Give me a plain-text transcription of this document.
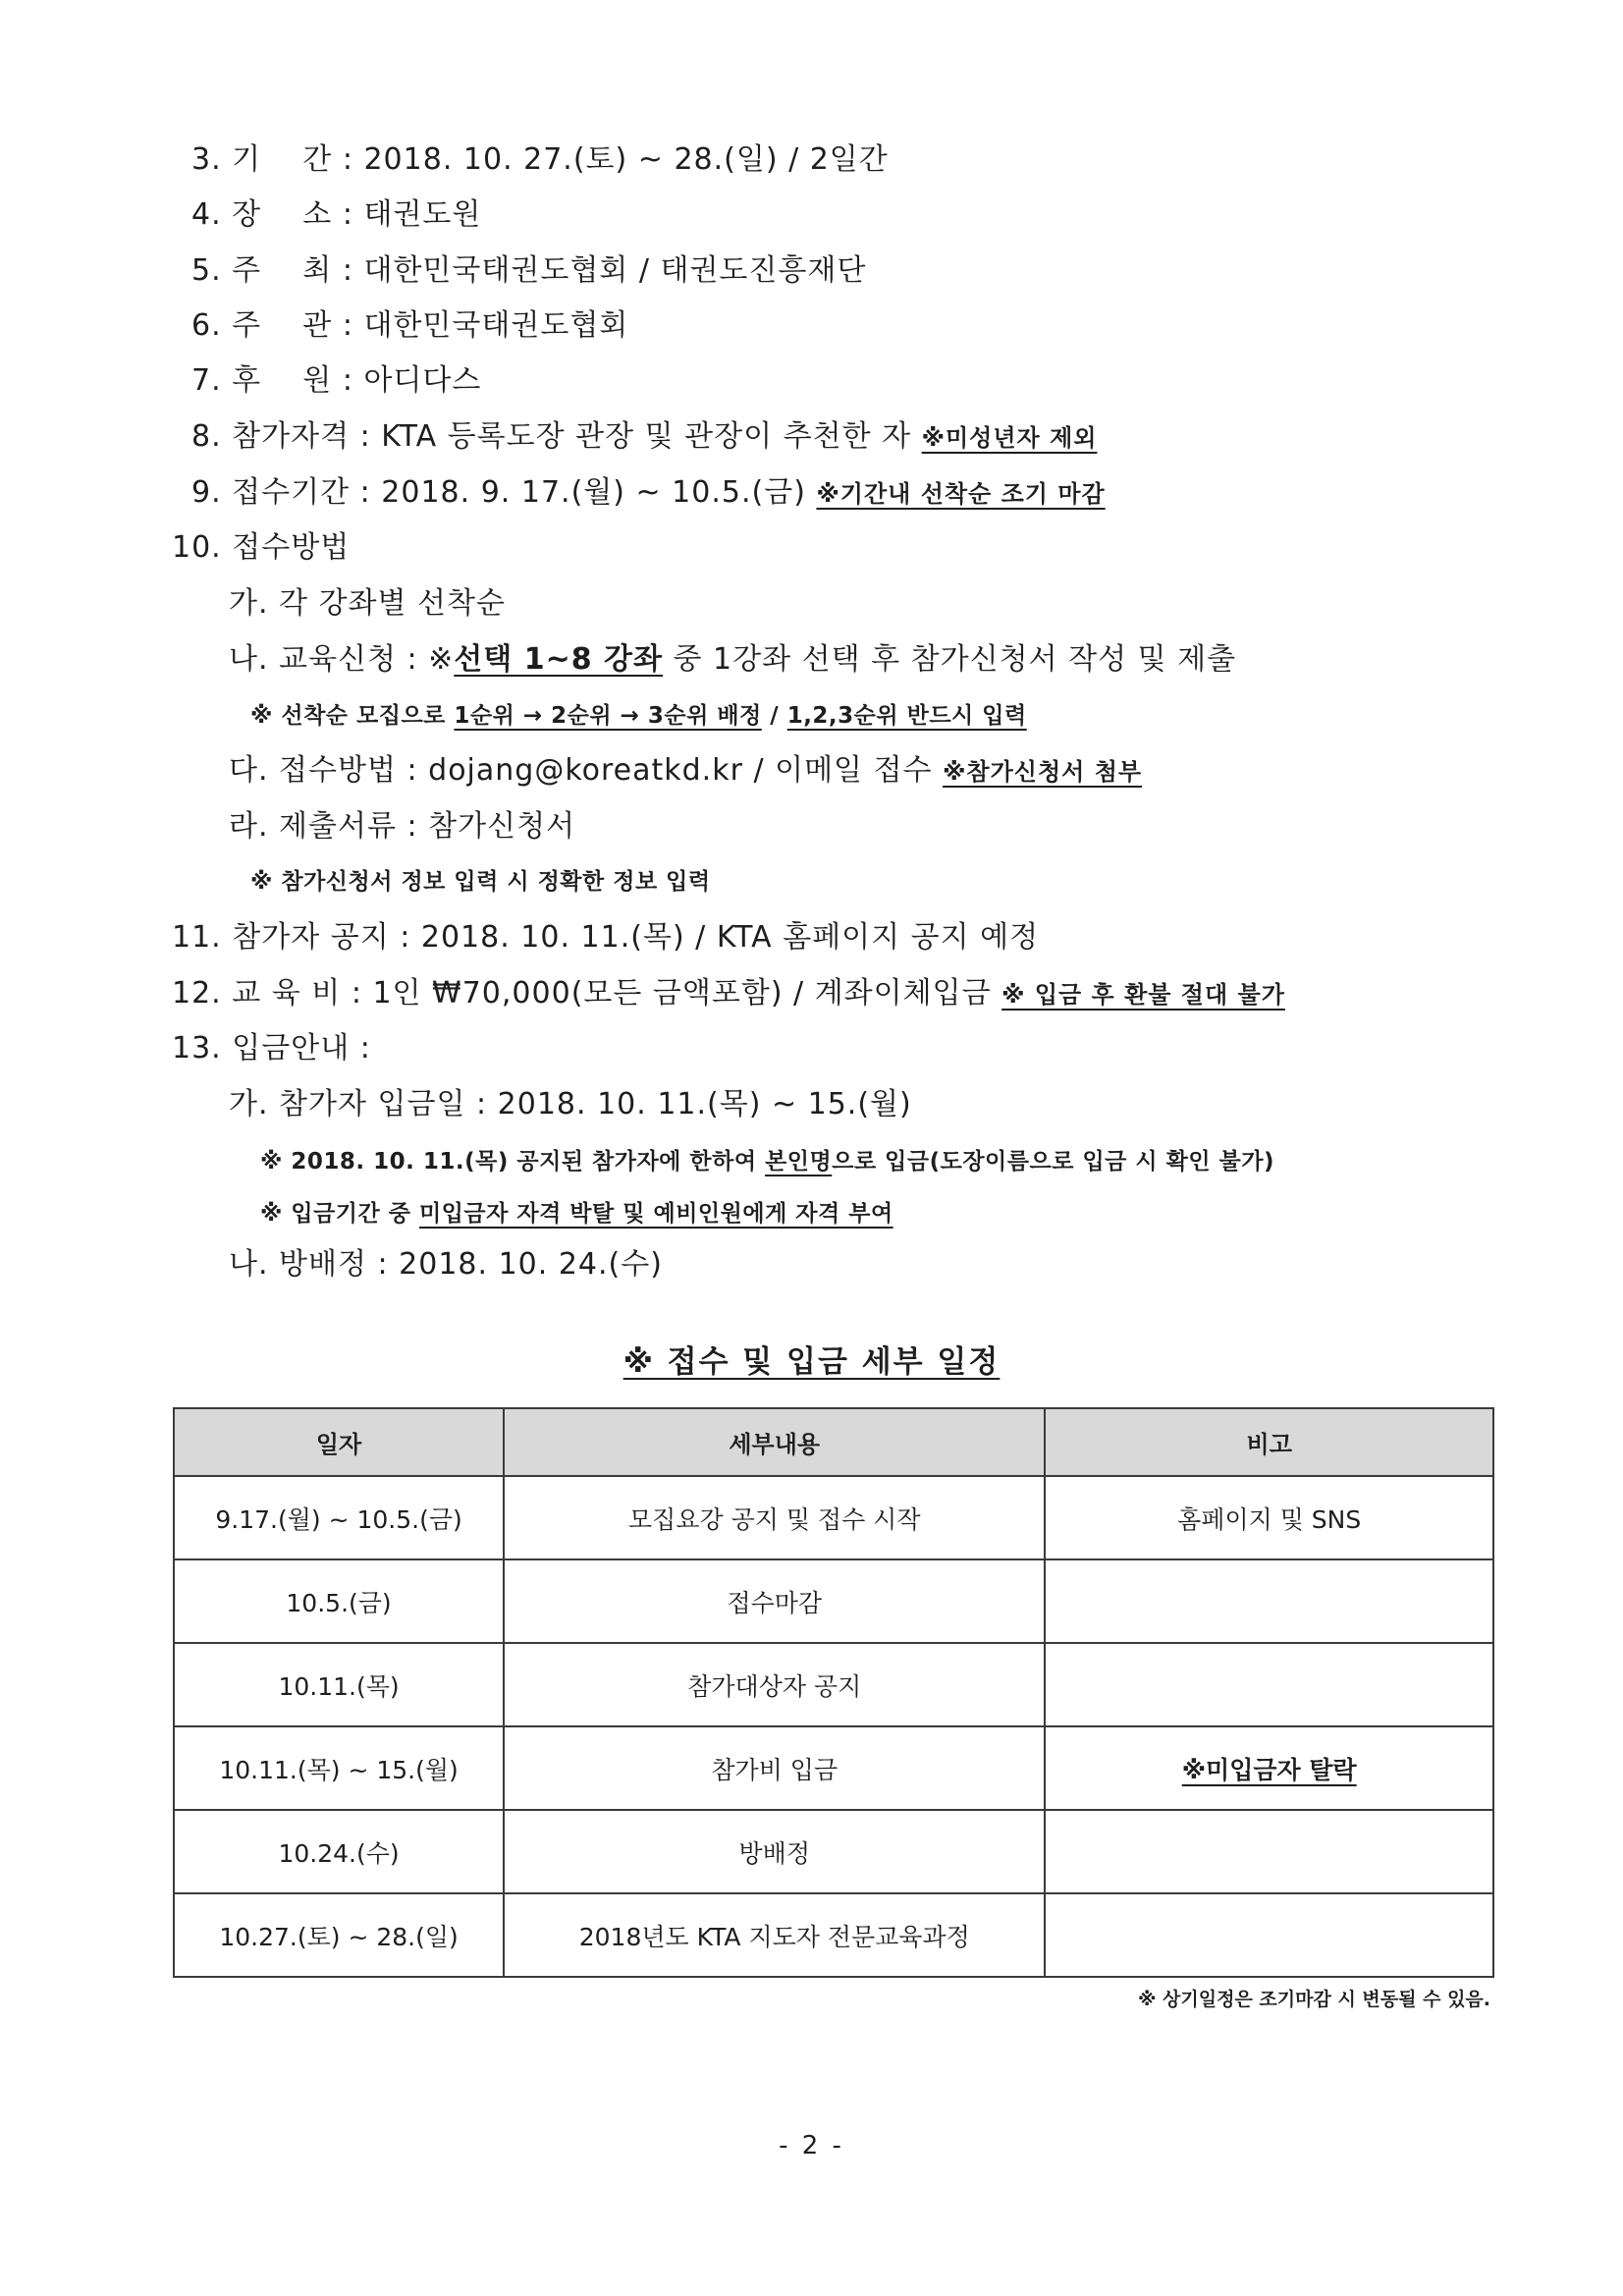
3. 기    간 : 2018. 10. 27.(토) ~ 28.(일) / 2일간
4. 장    소 : 태권도원
5. 주    최 : 대한민국태권도협회 / 태권도진흥재단
6. 주    관 : 대한민국태권도협회
7. 후    원 : 아디다스
8. 참가자격 : KTA 등록도장 관장 및 관장이 추천한 자 ※미성년자 제외
9. 접수기간 : 2018. 9. 17.(월) ~ 10.5.(금) ※기간내 선착순 조기 마감
10. 접수방법
가. 각 강좌별 선착순
나. 교육신청 : ※선택 1~8 강좌 중 1강좌 선택 후 참가신청서 작성 및 제출
※ 선착순 모집으로 1순위 → 2순위 → 3순위 배정 / 1,2,3순위 반드시 입력
다. 접수방법 : dojang@koreatkd.kr / 이메일 접수 ※참가신청서 첨부
라. 제출서류 : 참가신청서
※ 참가신청서 정보 입력 시 정확한 정보 입력
11. 참가자 공지 : 2018. 10. 11.(목) / KTA 홈페이지 공지 예정
12. 교 육 비 : 1인 ₩70,000(모든 금액포함) / 계좌이체입금 ※ 입금 후 환불 절대 불가
13. 입금안내 :
가. 참가자 입금일 : 2018. 10. 11.(목) ~ 15.(월)
※ 2018. 10. 11.(목) 공지된 참가자에 한하여 본인명으로 입금(도장이름으로 입금 시 확인 불가)
※ 입금기간 중 미입금자 자격 박탈 및 예비인원에게 자격 부여
나. 방배정 : 2018. 10. 24.(수)
※ 접수 및 입금 세부 일정
일자	세부내용	비고
9.17.(월) ~ 10.5.(금)	모집요강 공지 및 접수 시작	홈페이지 및 SNS
10.5.(금)	접수마감	
10.11.(목)	참가대상자 공지	
10.11.(목) ~ 15.(월)	참가비 입금	※미입금자 탈락
10.24.(수)	방배정	
10.27.(토) ~ 28.(일)	2018년도 KTA 지도자 전문교육과정	
※ 상기일정은 조기마감 시 변동될 수 있음.
- 2 -
